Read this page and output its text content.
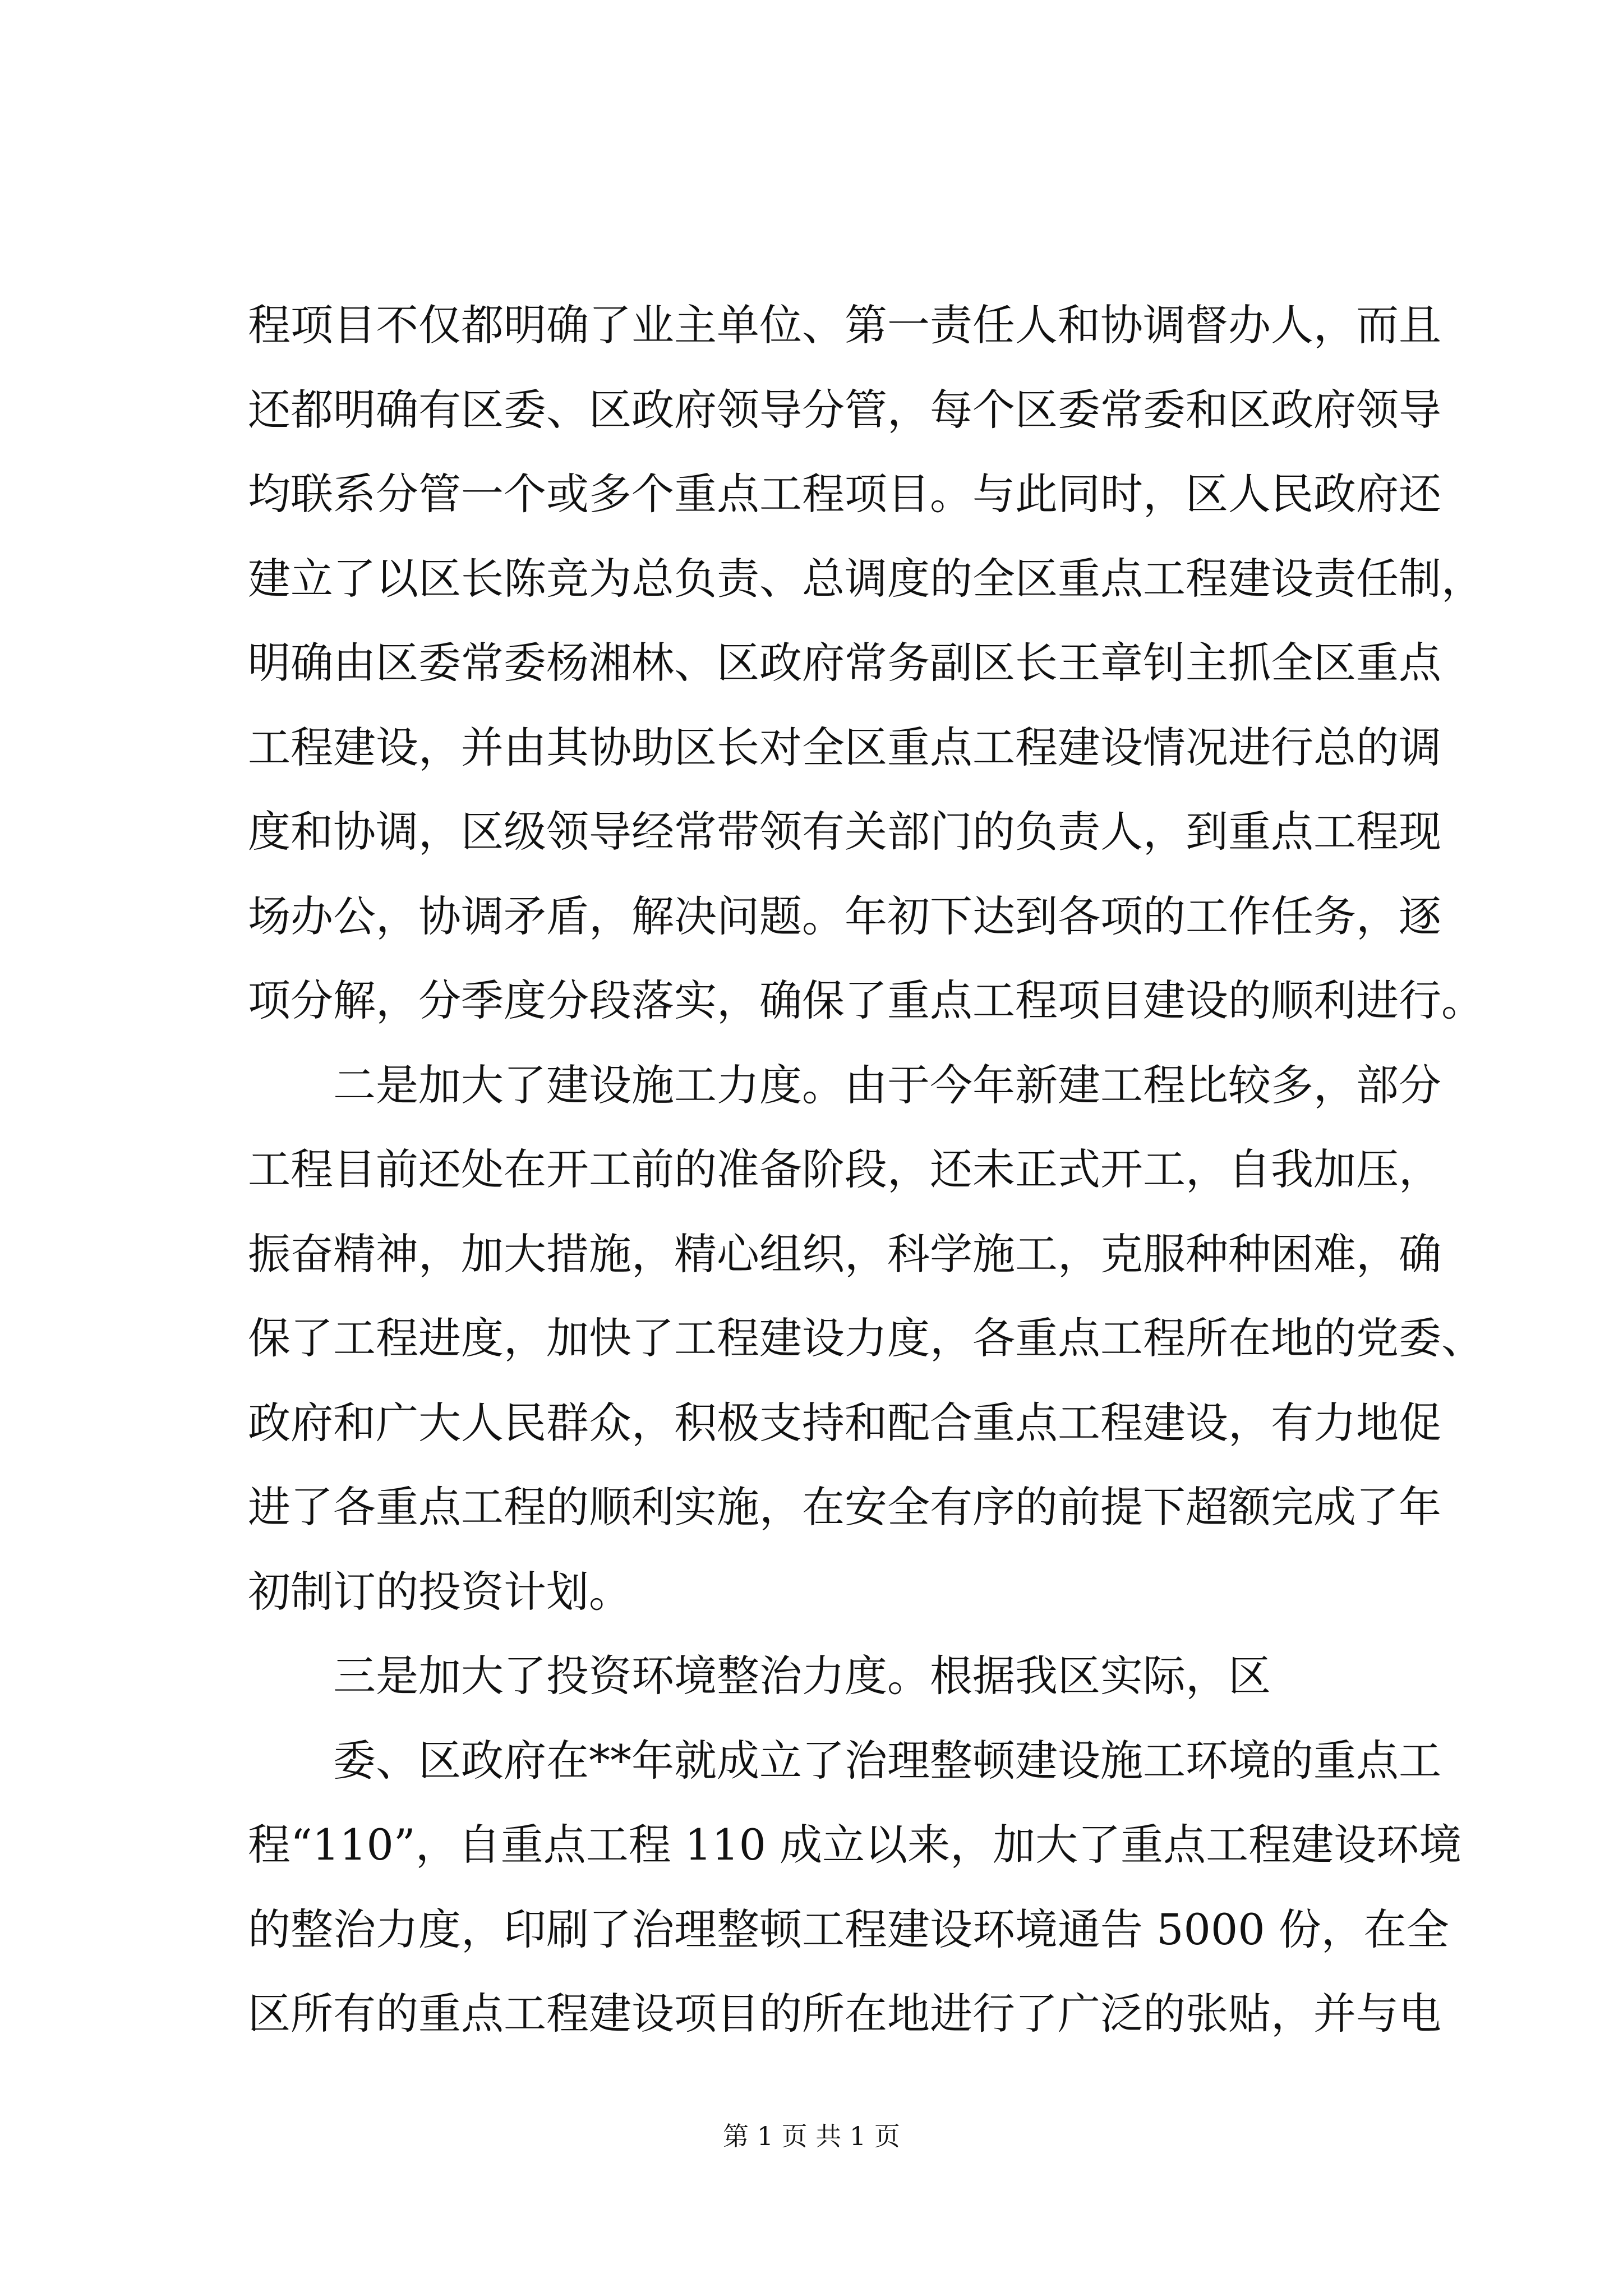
程项目不仅都明确了业主单位、第一责任人和协调督办人，而且
还都明确有区委、区政府领导分管，每个区委常委和区政府领导
均联系分管一个或多个重点工程项目。与此同时，区人民政府还
建立了以区长陈竞为总负责、总调度的全区重点工程建设责任制，
明确由区委常委杨湘林、区政府常务副区长王章钊主抓全区重点
工程建设，并由其协助区长对全区重点工程建设情况进行总的调
度和协调，区级领导经常带领有关部门的负责人，到重点工程现
场办公，协调矛盾，解决问题。年初下达到各项的工作任务，逐
项分解，分季度分段落实，确保了重点工程项目建设的顺利进行。
二是加大了建设施工力度。由于今年新建工程比较多，部分
工程目前还处在开工前的准备阶段，还未正式开工，自我加压，
振奋精神，加大措施，精心组织，科学施工，克服种种困难，确
保了工程进度，加快了工程建设力度，各重点工程所在地的党委、
政府和广大人民群众，积极支持和配合重点工程建设，有力地促
进了各重点工程的顺利实施，在安全有序的前提下超额完成了年
初制订的投资计划。
三是加大了投资环境整治力度。根据我区实际，区
委、区政府在**年就成立了治理整顿建设施工环境的重点工
程“110”，自重点工程 110 成立以来，加大了重点工程建设环境
的整治力度，印刷了治理整顿工程建设环境通告 5000 份，在全
区所有的重点工程建设项目的所在地进行了广泛的张贴，并与电
第 1 页 共 1 页
